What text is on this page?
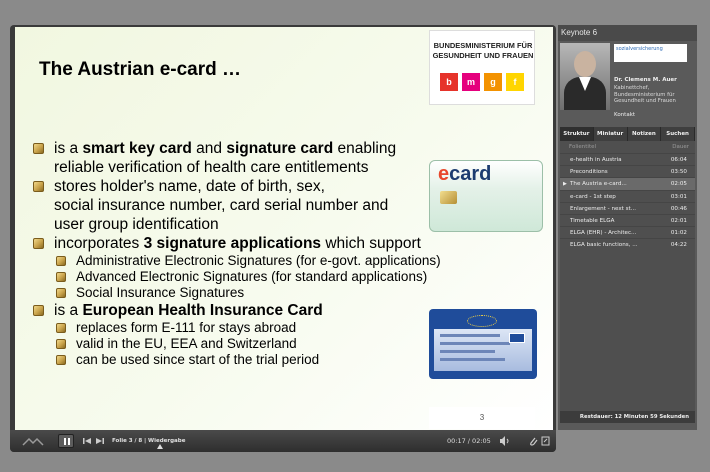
The Austrian e-card …
BUNDESMINISTERIUM FÜR
GESUNDHEIT UND FRAUEN
b	m	g	f
is a smart key card and signature card enabling
reliable verification of health care entitlements
stores holder's name, date of birth, sex,
social insurance number, card serial number and
user group identification
incorporates 3 signature applications which support
Administrative Electronic Signatures (for e-govt. applications)
Advanced Electronic Signatures (for standard applications)
Social Insurance Signatures
is a European Health Insurance Card
replaces form E-111 for stays abroad
valid in the EU, EEA and Switzerland
can be used since start of the trial period
ecard
3
Folie 3 / 8 | Wiedergabe	00:17 / 02:05
Keynote 6
sozialversicherung
Dr. Clemens M. Auer
Kabinettchef, Bundesministerium für Gesundheit und Frauen
Kontakt
Struktur	Miniatur	Notizen	Suchen
Folientitel	Dauer
e-health in Austria	06:04
Preconditions	03:50
▶ The Austria e-card...	02:05
e-card - 1st step	03:01
Enlargement - next st...	00:46
Timetable ELGA	02:01
ELGA (EHR) - Architec...	01:02
ELGA basic functions, ...	04:22
Restdauer: 12 Minuten 59 Sekunden
